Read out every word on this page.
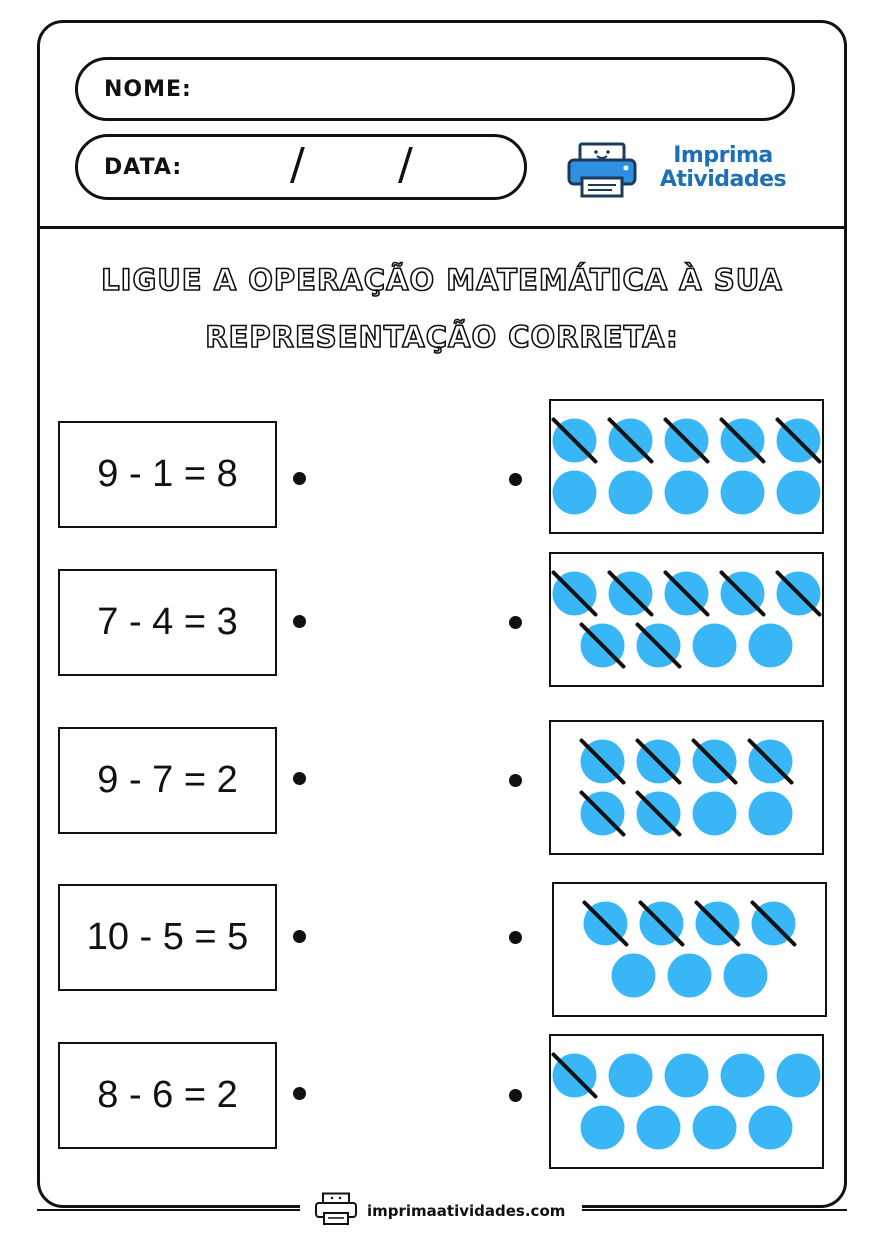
NOME:
DATA: / /	Imprima
Atividades
LIGUE A OPERAÇÃO MATEMÁTICA À SUA
REPRESENTAÇÃO CORRETA:
9 - 1 = 8
7 - 4 = 3
9 - 7 = 2
10 - 5 = 5
8 - 6 = 2
imprimaatividades.com
